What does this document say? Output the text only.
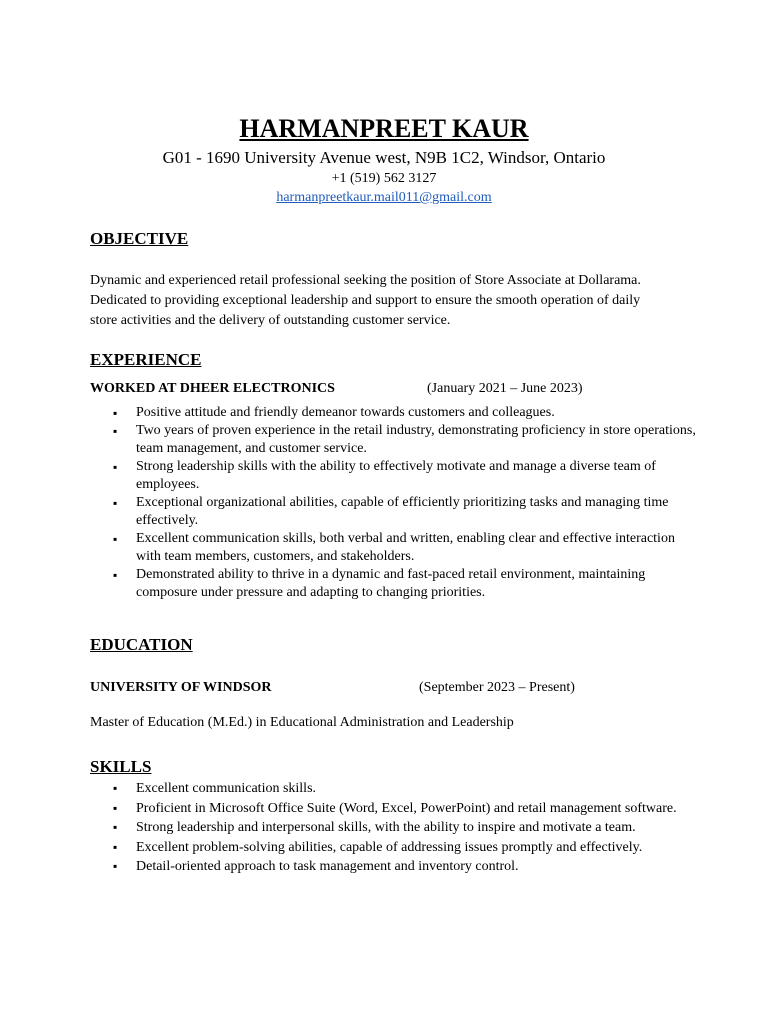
HARMANPREET KAUR
G01 - 1690 University Avenue west, N9B 1C2, Windsor, Ontario
+1 (519) 562 3127
harmanpreetkaur.mail011@gmail.com
OBJECTIVE
Dynamic and experienced retail professional seeking the position of Store Associate at Dollarama. Dedicated to providing exceptional leadership and support to ensure the smooth operation of daily store activities and the delivery of outstanding customer service.
EXPERIENCE
WORKED AT DHEER ELECTRONICS	(January 2021 – June 2023)
▪ Positive attitude and friendly demeanor towards customers and colleagues.
▪ Two years of proven experience in the retail industry, demonstrating proficiency in store operations, team management, and customer service.
▪ Strong leadership skills with the ability to effectively motivate and manage a diverse team of employees.
▪ Exceptional organizational abilities, capable of efficiently prioritizing tasks and managing time effectively.
▪ Excellent communication skills, both verbal and written, enabling clear and effective interaction with team members, customers, and stakeholders.
▪ Demonstrated ability to thrive in a dynamic and fast-paced retail environment, maintaining composure under pressure and adapting to changing priorities.
EDUCATION
UNIVERSITY OF WINDSOR	(September 2023 – Present)
Master of Education (M.Ed.) in Educational Administration and Leadership
SKILLS
▪ Excellent communication skills.
▪ Proficient in Microsoft Office Suite (Word, Excel, PowerPoint) and retail management software.
▪ Strong leadership and interpersonal skills, with the ability to inspire and motivate a team.
▪ Excellent problem-solving abilities, capable of addressing issues promptly and effectively.
▪ Detail-oriented approach to task management and inventory control.
